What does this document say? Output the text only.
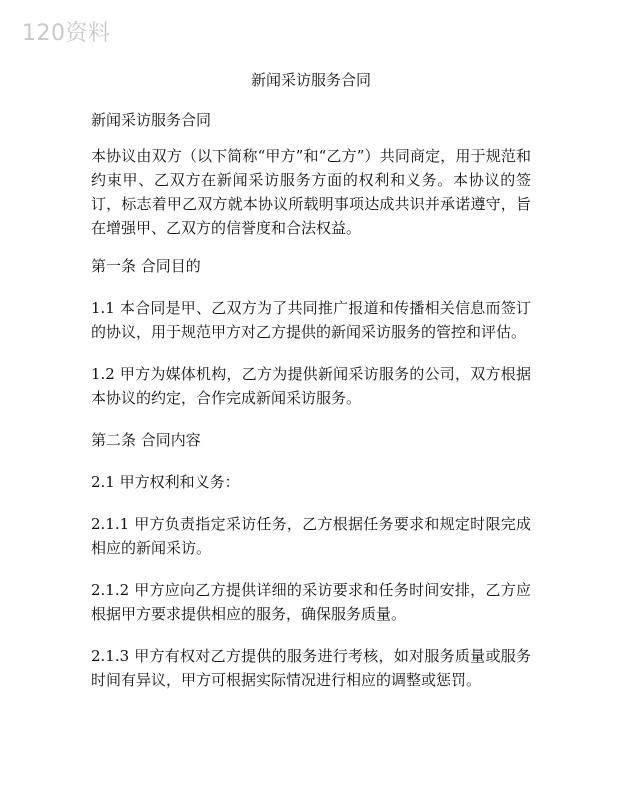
120资料
新闻采访服务合同
新闻采访服务合同
本协议由双方（以下简称“甲方”和“乙方”）共同商定，用于规范和约束甲、乙双方在新闻采访服务方面的权利和义务。本协议的签订，标志着甲乙双方就本协议所载明事项达成共识并承诺遵守，旨在增强甲、乙双方的信誉度和合法权益。
第一条 合同目的
1.1 本合同是甲、乙双方为了共同推广报道和传播相关信息而签订的协议，用于规范甲方对乙方提供的新闻采访服务的管控和评估。
1.2 甲方为媒体机构，乙方为提供新闻采访服务的公司，双方根据本协议的约定，合作完成新闻采访服务。
第二条 合同内容
2.1 甲方权利和义务：
2.1.1 甲方负责指定采访任务，乙方根据任务要求和规定时限完成相应的新闻采访。
2.1.2 甲方应向乙方提供详细的采访要求和任务时间安排，乙方应根据甲方要求提供相应的服务，确保服务质量。
2.1.3 甲方有权对乙方提供的服务进行考核，如对服务质量或服务时间有异议，甲方可根据实际情况进行相应的调整或惩罚。
